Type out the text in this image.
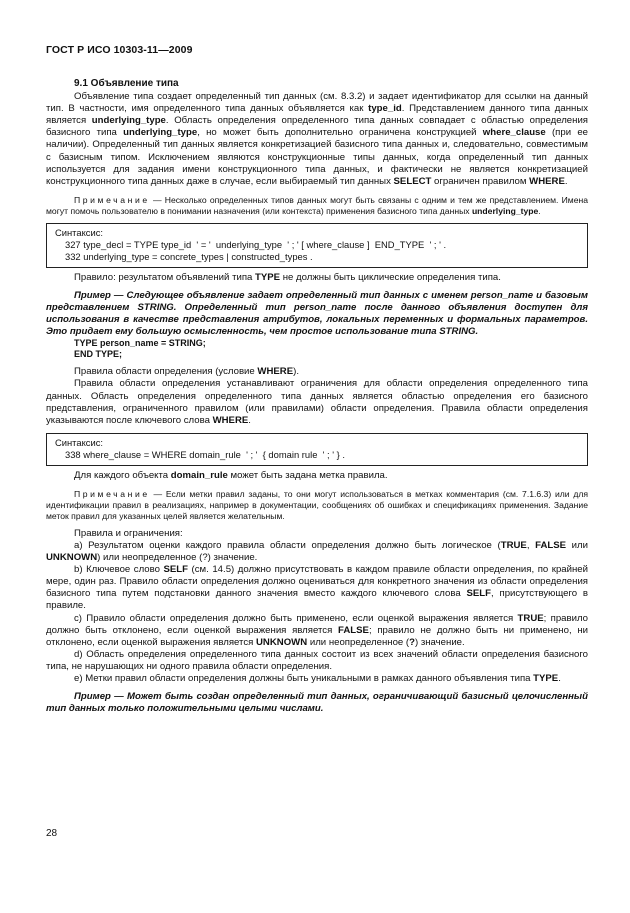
ГОСТ Р ИСО 10303-11—2009

9.1 Объявление типа

Объявление типа создает определенный тип данных (см. 8.3.2) и задает идентификатор для ссылки на данный тип. В частности, имя определенного типа данных объявляется как type_id. Представлением данного типа данных является underlying_type. Область определения определенного типа данных совпадает с областью определения базисного типа underlying_type, но может быть дополнительно ограничена конструкцией where_clause (при ее наличии). Определенный тип данных является конкретизацией базисного типа данных и, следовательно, совместимым с базисным типом. Исключением являются конструкционные типы данных, когда определенный тип данных используется для задания имени конструкционного типа данных, и фактически не является конкретизацией конструкционного типа данных даже в случае, если выбираемый тип данных SELECT ограничен правилом WHERE.

Примечание — Несколько определенных типов данных могут быть связаны с одним и тем же представлением. Имена могут помочь пользователю в понимании назначения (или контекста) применения базисного типа данных underlying_type.

Синтаксис:
327 type_decl = TYPE type_id  ' = '  underlying_type  ' ; ' [ where_clause ]  END_TYPE  ' ; ' .
332 underlying_type = concrete_types | constructed_types .

Правило: результатом объявлений типа TYPE не должны быть циклические определения типа.

Пример — Следующее объявление задает определенный тип данных с именем person_name и базовым представлением STRING. Определенный тип person_name после данного объявления доступен для использования в качестве представления атрибутов, локальных переменных и формальных параметров. Это придает ему большую осмысленность, чем простое использование типа STRING.

TYPE person_name = STRING;
END TYPE;

Правила области определения (условие WHERE).

Правила области определения устанавливают ограничения для области определения определенного типа данных. Область определения определенного типа данных является областью определения его базисного представления, ограниченного правилом (или правилами) области определения. Правила области определения указываются после ключевого слова WHERE.

Синтаксис:
338 where_clause = WHERE domain_rule  ' ; '  { domain rule  ' ; ' } .

Для каждого объекта domain_rule может быть задана метка правила.

Примечание — Если метки правил заданы, то они могут использоваться в метках комментария (см. 7.1.6.3) или для идентификации правил в реализациях, например в документации, сообщениях об ошибках и спецификациях применения. Задание меток правил для указанных целей является желательным.

Правила и ограничения:

a) Результатом оценки каждого правила области определения должно быть логическое (TRUE, FALSE или UNKNOWN) или неопределенное (?) значение.

b) Ключевое слово SELF (см. 14.5) должно присутствовать в каждом правиле области определения, по крайней мере, один раз. Правило области определения должно оцениваться для конкретного значения из области определения базисного типа путем подстановки данного значения вместо каждого ключевого слова SELF, присутствующего в правиле.

c) Правило области определения должно быть применено, если оценкой выражения является TRUE; правило должно быть отклонено, если оценкой выражения является FALSE; правило не должно быть ни применено, ни отклонено, если оценкой выражения является UNKNOWN или неопределенное (?) значение.

d) Область определения определенного типа данных состоит из всех значений области определения базисного типа, не нарушающих ни одного правила области определения.

e) Метки правил области определения должны быть уникальными в рамках данного объявления типа TYPE.

Пример — Может быть создан определенный тип данных, ограничивающий базисный целочисленный тип данных только положительными целыми числами.

28
